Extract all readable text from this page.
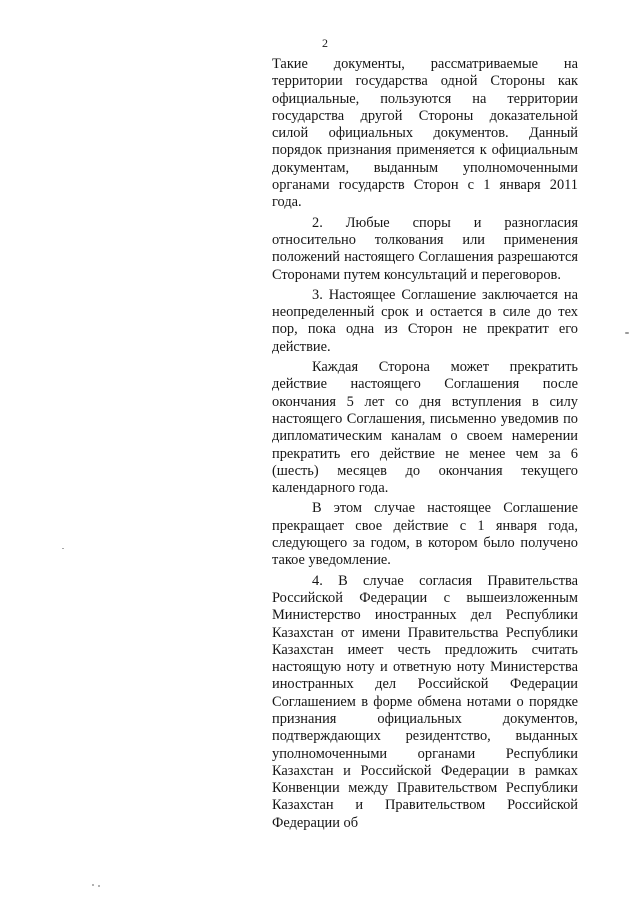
2

Такие документы, рассматриваемые на территории государства одной Стороны как официальные, пользуются на территории государства другой Стороны доказательной силой официальных документов. Данный порядок признания применяется к официальным документам, выданным уполномоченными органами государств Сторон с 1 января 2011 года.

2. Любые споры и разногласия относительно толкования или применения положений настоящего Соглашения разрешаются Сторонами путем консультаций и переговоров.

3. Настоящее Соглашение заключается на неопределенный срок и остается в силе до тех пор, пока одна из Сторон не прекратит его действие.

Каждая Сторона может прекратить действие настоящего Соглашения после окончания 5 лет со дня вступления в силу настоящего Соглашения, письменно уведомив по дипломатическим каналам о своем намерении прекратить его действие не менее чем за 6 (шесть) месяцев до окончания текущего календарного года.

В этом случае настоящее Соглашение прекращает свое действие с 1 января года, следующего за годом, в котором было получено такое уведомление.

4. В случае согласия Правительства Российской Федерации с вышеизложенным Министерство иностранных дел Республики Казахстан от имени Правительства Республики Казахстан имеет честь предложить считать настоящую ноту и ответную ноту Министерства иностранных дел Российской Федерации Соглашением в форме обмена нотами о порядке признания официальных документов, подтверждающих резидентство, выданных уполномоченными органами Республики Казахстан и Российской Федерации в рамках Конвенции между Правительством Республики Казахстан и Правительством Российской Федерации об
